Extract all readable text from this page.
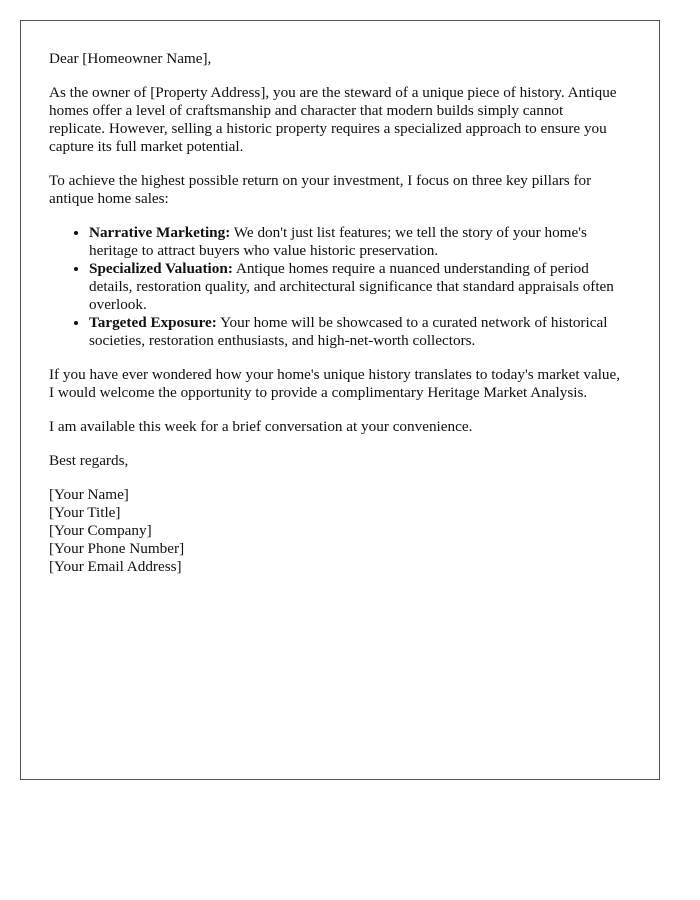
Dear [Homeowner Name],

As the owner of [Property Address], you are the steward of a unique piece of history. Antique homes offer a level of craftsmanship and character that modern builds simply cannot replicate. However, selling a historic property requires a specialized approach to ensure you capture its full market potential.

To achieve the highest possible return on your investment, I focus on three key pillars for antique home sales:

• Narrative Marketing: We don't just list features; we tell the story of your home's heritage to attract buyers who value historic preservation.
• Specialized Valuation: Antique homes require a nuanced understanding of period details, restoration quality, and architectural significance that standard appraisals often overlook.
• Targeted Exposure: Your home will be showcased to a curated network of historical societies, restoration enthusiasts, and high-net-worth collectors.

If you have ever wondered how your home's unique history translates to today's market value, I would welcome the opportunity to provide a complimentary Heritage Market Analysis.

I am available this week for a brief conversation at your convenience.

Best regards,

[Your Name]
[Your Title]
[Your Company]
[Your Phone Number]
[Your Email Address]
